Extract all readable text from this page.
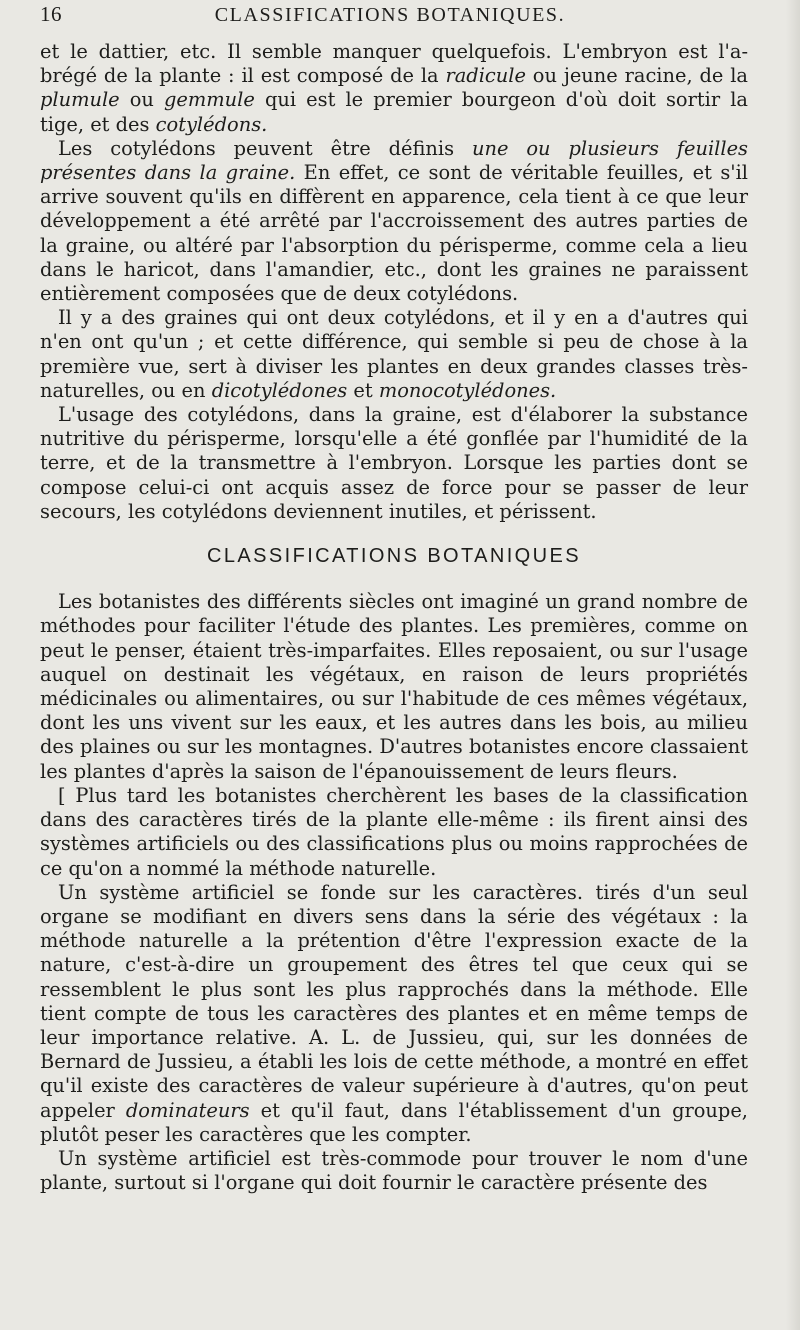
16	CLASSIFICATIONS BOTANIQUES.

et le dattier, etc. Il semble manquer quelquefois. L'embryon est l'a-brégé de la plante : il est composé de la radicule ou jeune racine, de la plumule ou gemmule qui est le premier bourgeon d'où doit sortir la tige, et des cotylédons.

Les cotylédons peuvent être définis une ou plusieurs feuilles présentes dans la graine. En effet, ce sont de véritable feuilles, et s'il arrive souvent qu'ils en diffèrent en apparence, cela tient à ce que leur développement a été arrêté par l'accroissement des autres parties de la graine, ou altéré par l'absorption du périsperme, comme cela a lieu dans le haricot, dans l'amandier, etc., dont les graines ne paraissent entièrement composées que de deux cotylédons.

Il y a des graines qui ont deux cotylédons, et il y en a d'autres qui n'en ont qu'un ; et cette différence, qui semble si peu de chose à la première vue, sert à diviser les plantes en deux grandes classes très-naturelles, ou en dicotylédones et monocotylédones.

L'usage des cotylédons, dans la graine, est d'élaborer la substance nutritive du périsperme, lorsqu'elle a été gonflée par l'humidité de la terre, et de la transmettre à l'embryon. Lorsque les parties dont se compose celui-ci ont acquis assez de force pour se passer de leur secours, les cotylédons deviennent inutiles, et périssent.

CLASSIFICATIONS BOTANIQUES

Les botanistes des différents siècles ont imaginé un grand nombre de méthodes pour faciliter l'étude des plantes. Les premières, comme on peut le penser, étaient très-imparfaites. Elles reposaient, ou sur l'usage auquel on destinait les végétaux, en raison de leurs propriétés médicinales ou alimentaires, ou sur l'habitude de ces mêmes végétaux, dont les uns vivent sur les eaux, et les autres dans les bois, au milieu des plaines ou sur les montagnes. D'autres botanistes encore classaient les plantes d'après la saison de l'épanouissement de leurs fleurs.

[ Plus tard les botanistes cherchèrent les bases de la classification dans des caractères tirés de la plante elle-même : ils firent ainsi des systèmes artificiels ou des classifications plus ou moins rapprochées de ce qu'on a nommé la méthode naturelle.

Un système artificiel se fonde sur les caractères. tirés d'un seul organe se modifiant en divers sens dans la série des végétaux : la méthode naturelle a la prétention d'être l'expression exacte de la nature, c'est-à-dire un groupement des êtres tel que ceux qui se ressemblent le plus sont les plus rapprochés dans la méthode. Elle tient compte de tous les caractères des plantes et en même temps de leur importance relative. A. L. de Jussieu, qui, sur les données de Bernard de Jussieu, a établi les lois de cette méthode, a montré en effet qu'il existe des caractères de valeur supérieure à d'autres, qu'on peut appeler dominateurs et qu'il faut, dans l'établissement d'un groupe, plutôt peser les caractères que les compter.

Un système artificiel est très-commode pour trouver le nom d'une plante, surtout si l'organe qui doit fournir le caractère présente des
